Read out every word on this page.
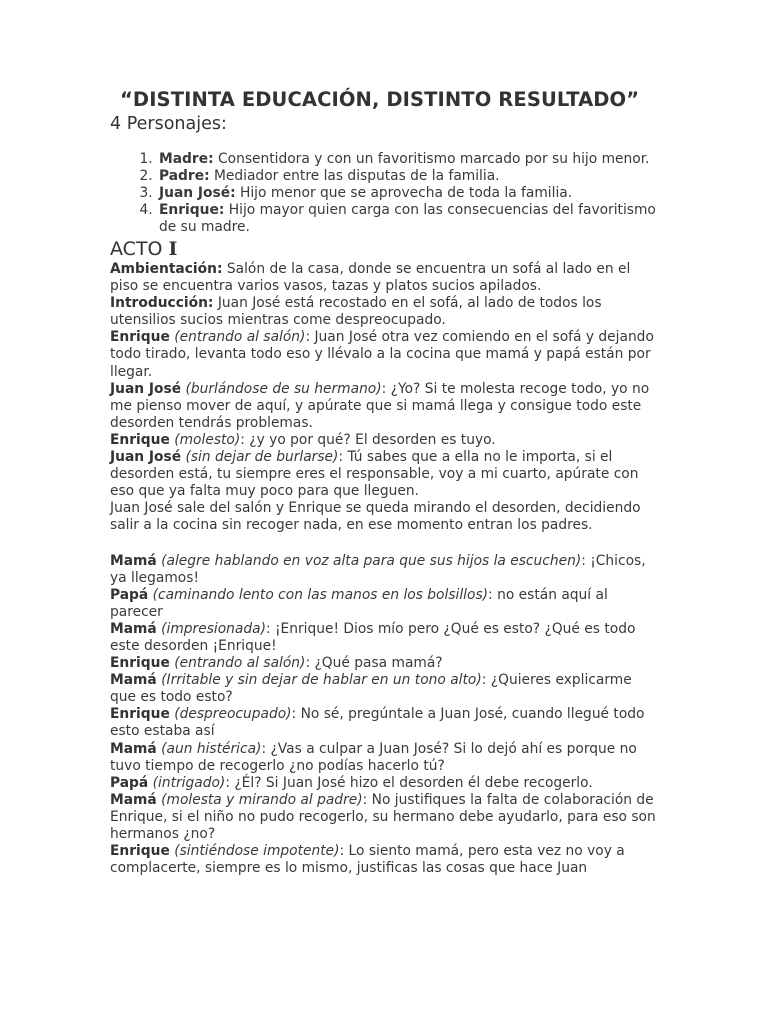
“DISTINTA EDUCACIÓN, DISTINTO RESULTADO”
4 Personajes:
1. Madre: Consentidora y con un favoritismo marcado por su hijo menor.
2. Padre: Mediador entre las disputas de la familia.
3. Juan José: Hijo menor que se aprovecha de toda la familia.
4. Enrique: Hijo mayor quien carga con las consecuencias del favoritismo de su madre.
ACTO I

Ambientación: Salón de la casa, donde se encuentra un sofá al lado en el piso se encuentra varios vasos, tazas y platos sucios apilados.

Introducción: Juan José está recostado en el sofá, al lado de todos los utensilios sucios mientras come despreocupado.

Enrique (entrando al salón): Juan José otra vez comiendo en el sofá y dejando todo tirado, levanta todo eso y llévalo a la cocina que mamá y papá están por llegar.

Juan José (burlándose de su hermano): ¿Yo? Si te molesta recoge todo, yo no me pienso mover de aquí, y apúrate que si mamá llega y consigue todo este desorden tendrás problemas.

Enrique (molesto): ¿y yo por qué? El desorden es tuyo.

Juan José (sin dejar de burlarse): Tú sabes que a ella no le importa, si el desorden está, tu siempre eres el responsable, voy a mi cuarto, apúrate con eso que ya falta muy poco para que lleguen.

Juan José sale del salón y Enrique se queda mirando el desorden, decidiendo salir a la cocina sin recoger nada, en ese momento entran los padres.

Mamá (alegre hablando en voz alta para que sus hijos la escuchen): ¡Chicos, ya llegamos!

Papá (caminando lento con las manos en los bolsillos): no están aquí al parecer

Mamá (impresionada): ¡Enrique! Dios mío pero ¿Qué es esto? ¿Qué es todo este desorden ¡Enrique!

Enrique (entrando al salón): ¿Qué pasa mamá?

Mamá (Irritable y sin dejar de hablar en un tono alto): ¿Quieres explicarme que es todo esto?

Enrique (despreocupado): No sé, pregúntale a Juan José, cuando llegué todo esto estaba así

Mamá (aun histérica): ¿Vas a culpar a Juan José? Si lo dejó ahí es porque no tuvo tiempo de recogerlo ¿no podías hacerlo tú?

Papá (intrigado): ¿Él? Si Juan José hizo el desorden él debe recogerlo.

Mamá (molesta y mirando al padre): No justifiques la falta de colaboración de Enrique, si el niño no pudo recogerlo, su hermano debe ayudarlo, para eso son hermanos ¿no?

Enrique (sintiéndose impotente): Lo siento mamá, pero esta vez no voy a complacerte, siempre es lo mismo, justificas las cosas que hace Juan
